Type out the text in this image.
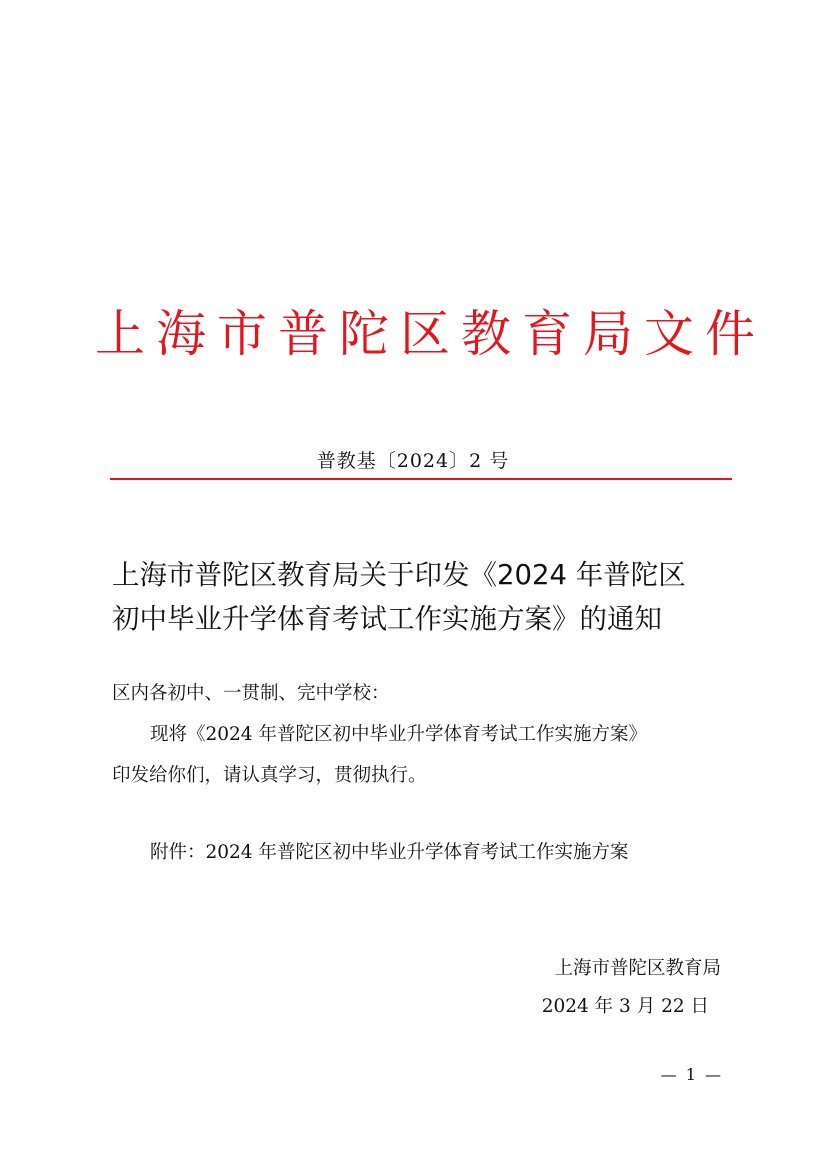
上海市普陀区教育局文件
普教基〔2024〕2 号
上海市普陀区教育局关于印发《2024 年普陀区
初中毕业升学体育考试工作实施方案》的通知
区内各初中、一贯制、完中学校：
现将《2024 年普陀区初中毕业升学体育考试工作实施方案》
印发给你们，请认真学习，贯彻执行。
附件：2024 年普陀区初中毕业升学体育考试工作实施方案
上海市普陀区教育局
2024 年 3 月 22 日
— 1 —
